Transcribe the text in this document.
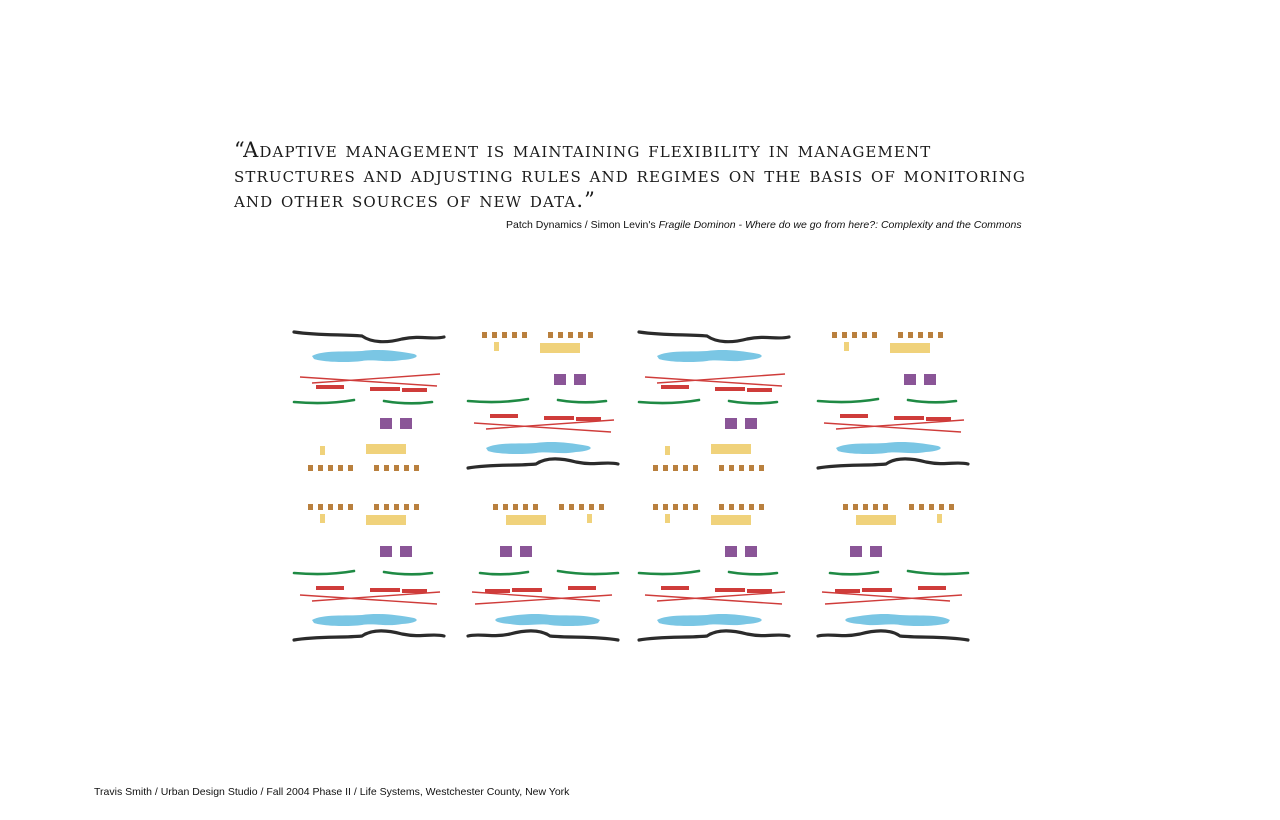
“Adaptive management is maintaining flexibility in management
structures and adjusting rules and regimes on the basis of monitoring
and other sources of new data.”

Patch Dynamics / Simon Levin's Fragile Dominon - Where do we go from here?: Complexity and the Commons
Travis Smith / Urban Design Studio / Fall 2004 Phase II / Life Systems, Westchester County, New York
